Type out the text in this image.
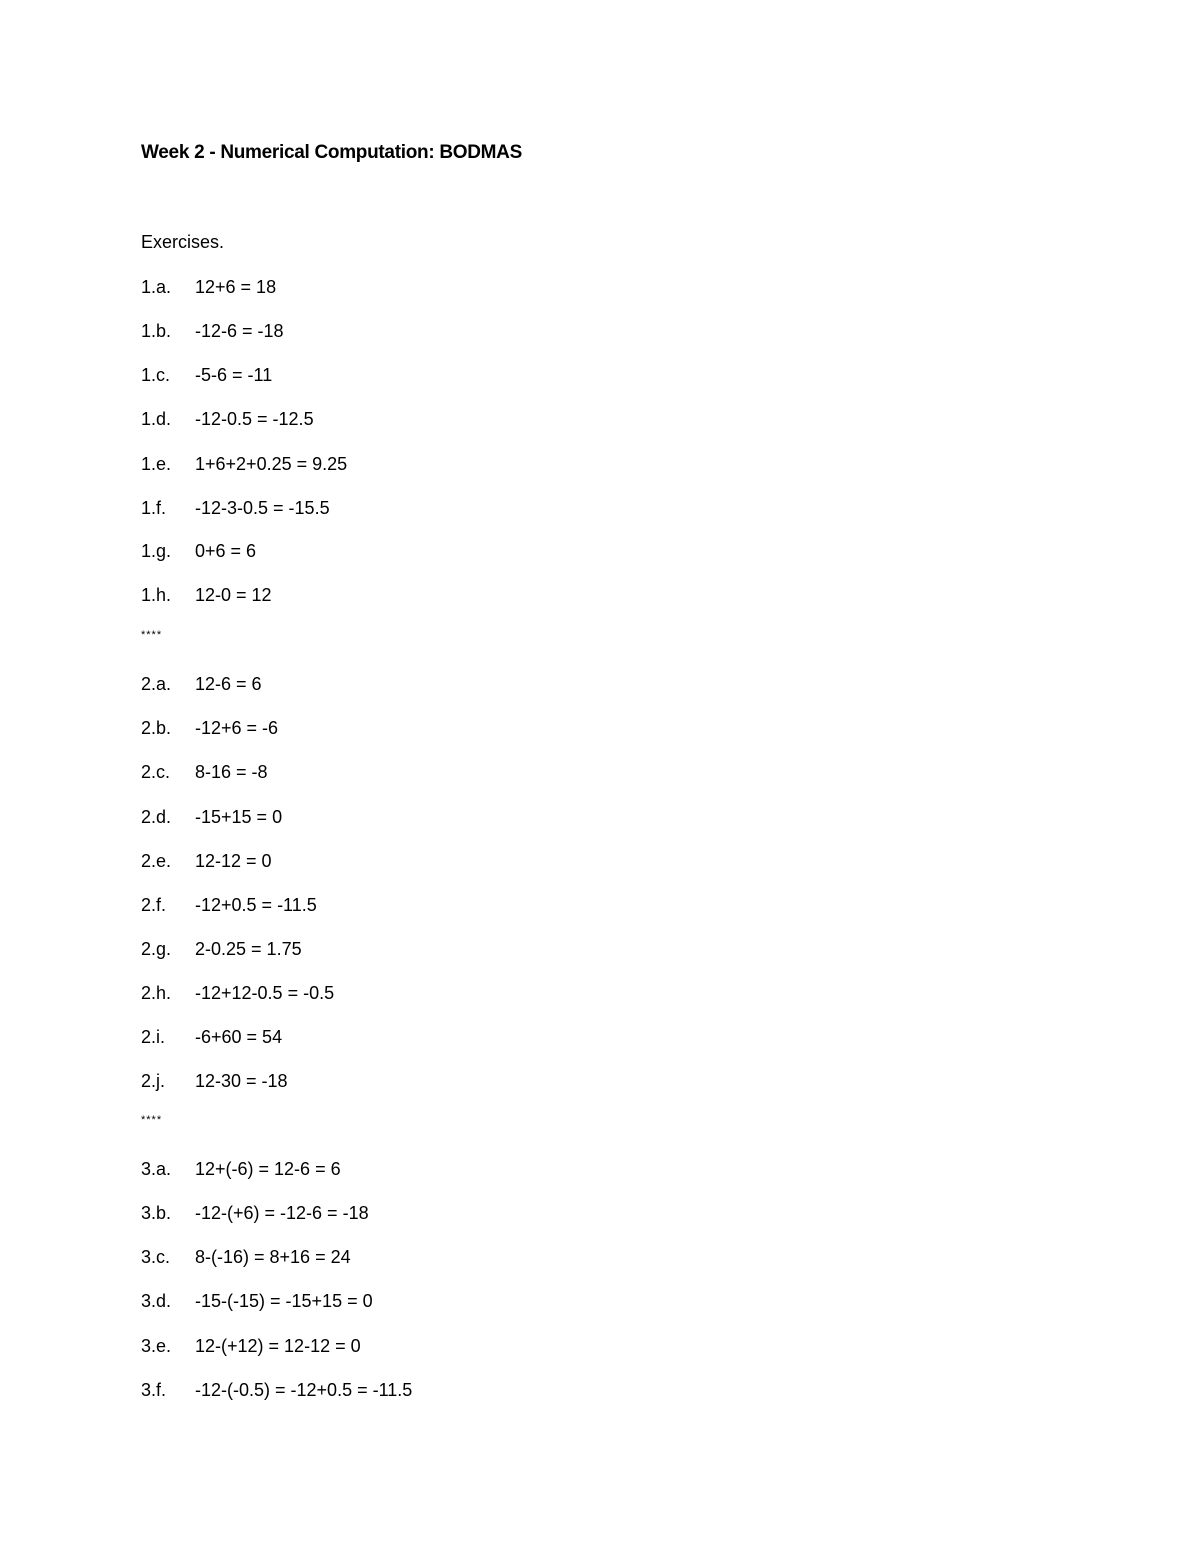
Week 2 - Numerical Computation: BODMAS
Exercises.
1.a. 12+6 = 18
1.b. -12-6 = -18
1.c. -5-6 = -11
1.d. -12-0.5 = -12.5
1.e. 1+6+2+0.25 = 9.25
1.f. -12-3-0.5 = -15.5
1.g. 0+6 = 6
1.h. 12-0 = 12
****
2.a. 12-6 = 6
2.b. -12+6 = -6
2.c. 8-16 = -8
2.d. -15+15 = 0
2.e. 12-12 = 0
2.f. -12+0.5 = -11.5
2.g. 2-0.25 = 1.75
2.h. -12+12-0.5 = -0.5
2.i. -6+60 = 54
2.j. 12-30 = -18
****
3.a. 12+(-6) = 12-6 = 6
3.b. -12-(+6) = -12-6 = -18
3.c. 8-(-16) = 8+16 = 24
3.d. -15-(-15) = -15+15 = 0
3.e. 12-(+12) = 12-12 = 0
3.f. -12-(-0.5) = -12+0.5 = -11.5
